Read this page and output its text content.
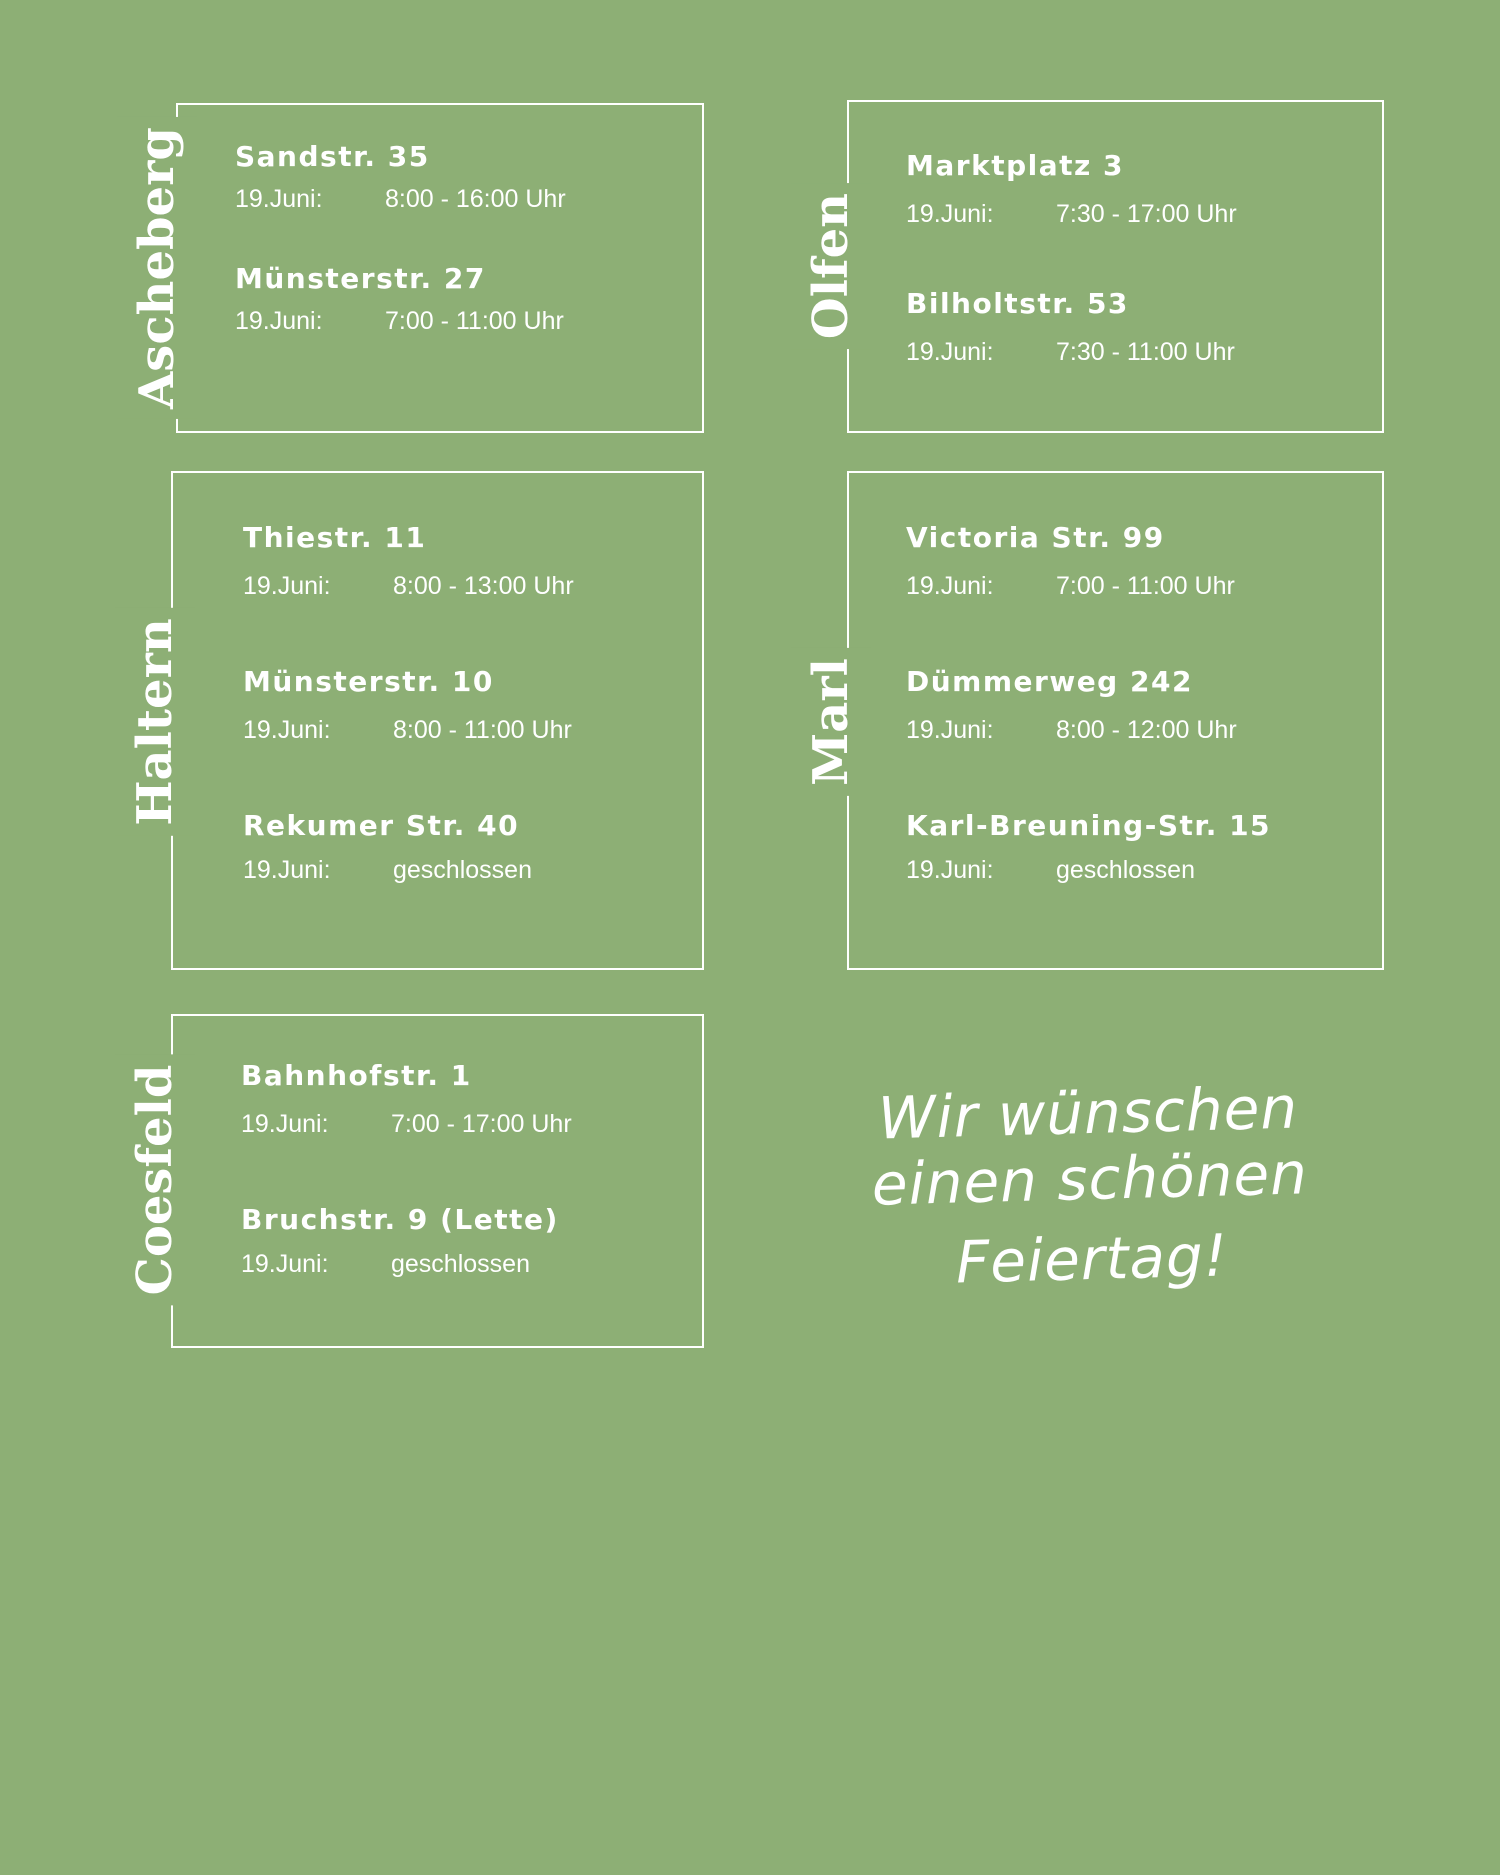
Ascheberg	Sandstr. 35
19.Juni: 8:00 - 16:00 Uhr
Münsterstr. 27
19.Juni: 7:00 - 11:00 Uhr	Olfen
Marktplatz 3
19.Juni: 7:30 - 17:00 Uhr
Bilholtstr. 53
19.Juni: 7:30 - 11:00 Uhr
Haltern
Thiestr. 11
19.Juni: 8:00 - 13:00 Uhr
Münsterstr. 10
19.Juni: 8:00 - 11:00 Uhr
Rekumer Str. 40
19.Juni: geschlossen
Marl
Victoria Str. 99
19.Juni: 7:00 - 11:00 Uhr
Dümmerweg 242
19.Juni: 8:00 - 12:00 Uhr
Karl-Breuning-Str. 15
19.Juni: geschlossen
Coesfeld	Bahnhofstr. 1
19.Juni: 7:00 - 17:00 Uhr
Bruchstr. 9 (Lette)
19.Juni: geschlossen
Wir wünschen
einen schönen
Feiertag!
